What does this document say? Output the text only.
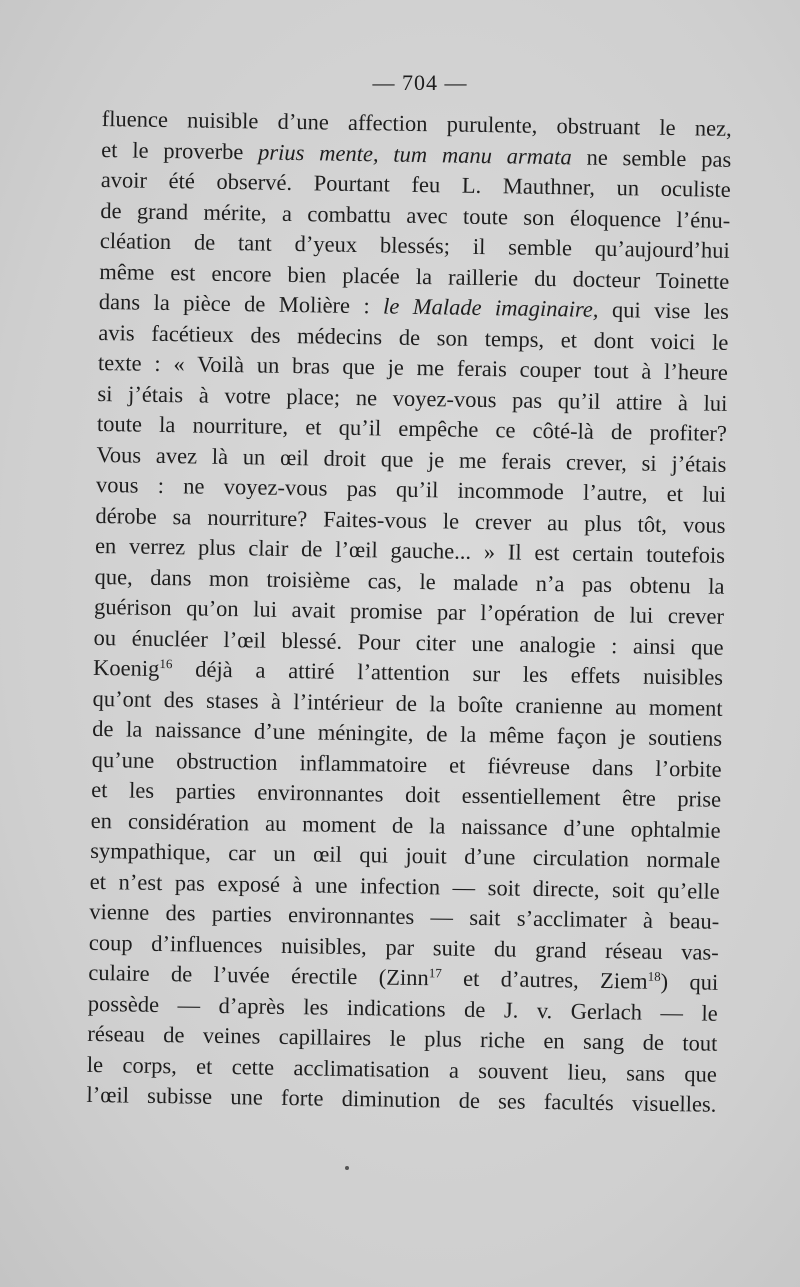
— 704 —
fluence nuisible d’une affection purulente, obstruant le nez,
et le proverbe prius mente, tum manu armata ne semble pas
avoir été observé. Pourtant feu L. Mauthner, un oculiste
de grand mérite, a combattu avec toute son éloquence l’énu-
cléation de tant d’yeux blessés; il semble qu’aujourd’hui
même est encore bien placée la raillerie du docteur Toinette
dans la pièce de Molière : le Malade imaginaire, qui vise les
avis facétieux des médecins de son temps, et dont voici le
texte : « Voilà un bras que je me ferais couper tout à l’heure
si j’étais à votre place; ne voyez-vous pas qu’il attire à lui
toute la nourriture, et qu’il empêche ce côté-là de profiter?
Vous avez là un œil droit que je me ferais crever, si j’étais
vous : ne voyez-vous pas qu’il incommode l’autre, et lui
dérobe sa nourriture? Faites-vous le crever au plus tôt, vous
en verrez plus clair de l’œil gauche... » Il est certain toutefois
que, dans mon troisième cas, le malade n’a pas obtenu la
guérison qu’on lui avait promise par l’opération de lui crever
ou énucléer l’œil blessé. Pour citer une analogie : ainsi que
Koenig$^{16}$ déjà a attiré l’attention sur les effets nuisibles
qu’ont des stases à l’intérieur de la boîte cranienne au moment
de la naissance d’une méningite, de la même façon je soutiens
qu’une obstruction inflammatoire et fiévreuse dans l’orbite
et les parties environnantes doit essentiellement être prise
en considération au moment de la naissance d’une ophtalmie
sympathique, car un œil qui jouit d’une circulation normale
et n’est pas exposé à une infection — soit directe, soit qu’elle
vienne des parties environnantes — sait s’acclimater à beau-
coup d’influences nuisibles, par suite du grand réseau vas-
culaire de l’uvée érectile (Zinn$^{17}$ et d’autres, Ziem$^{18}$) qui
possède — d’après les indications de J. v. Gerlach — le
réseau de veines capillaires le plus riche en sang de tout
le corps, et cette acclimatisation a souvent lieu, sans que
l’œil subisse une forte diminution de ses facultés visuelles.
